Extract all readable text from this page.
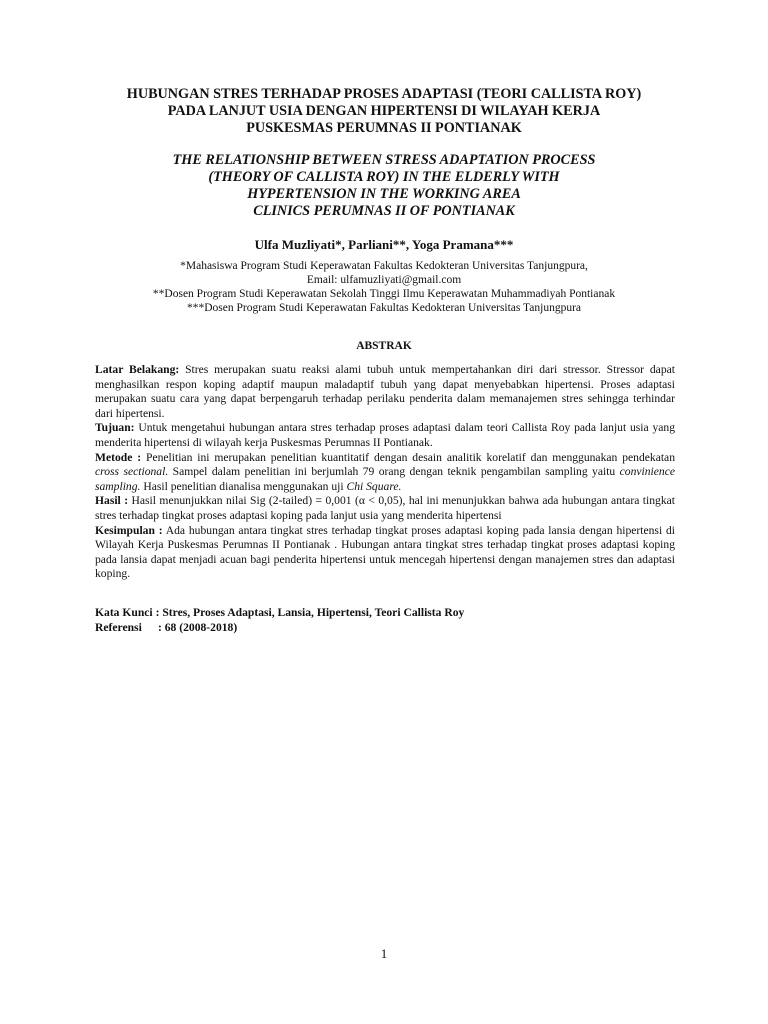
HUBUNGAN STRES TERHADAP PROSES ADAPTASI (TEORI CALLISTA ROY)
PADA LANJUT USIA DENGAN HIPERTENSI DI WILAYAH KERJA
PUSKESMAS PERUMNAS II PONTIANAK
THE RELATIONSHIP BETWEEN STRESS ADAPTATION PROCESS
(THEORY OF CALLISTA ROY) IN THE ELDERLY WITH
HYPERTENSION IN THE WORKING AREA
CLINICS PERUMNAS II OF PONTIANAK
Ulfa Muzliyati*, Parliani**, Yoga Pramana***
*Mahasiswa Program Studi Keperawatan Fakultas Kedokteran Universitas Tanjungpura,
Email: ulfamuzliyati@gmail.com
**Dosen Program Studi Keperawatan Sekolah Tinggi Ilmu Keperawatan Muhammadiyah Pontianak
***Dosen Program Studi Keperawatan Fakultas Kedokteran Universitas Tanjungpura
ABSTRAK

Latar Belakang: Stres merupakan suatu reaksi alami tubuh untuk mempertahankan diri dari stressor. Stressor dapat menghasilkan respon koping adaptif maupun maladaptif tubuh yang dapat menyebabkan hipertensi. Proses adaptasi merupakan suatu cara yang dapat berpengaruh terhadap perilaku penderita dalam memanajemen stres sehingga terhindar dari hipertensi.

Tujuan: Untuk mengetahui hubungan antara stres terhadap proses adaptasi dalam teori Callista Roy pada lanjut usia yang menderita hipertensi di wilayah kerja Puskesmas Perumnas II Pontianak.

Metode : Penelitian ini merupakan penelitian kuantitatif dengan desain analitik korelatif dan menggunakan pendekatan cross sectional. Sampel dalam penelitian ini berjumlah 79 orang dengan teknik pengambilan sampling yaitu convinience sampling. Hasil penelitian dianalisa menggunakan uji Chi Square.

Hasil : Hasil menunjukkan nilai Sig (2-tailed) = 0,001 (α < 0,05), hal ini menunjukkan bahwa ada hubungan antara tingkat stres terhadap tingkat proses adaptasi koping pada lanjut usia yang menderita hipertensi

Kesimpulan : Ada hubungan antara tingkat stres terhadap tingkat proses adaptasi koping pada lansia dengan hipertensi di Wilayah Kerja Puskesmas Perumnas II Pontianak . Hubungan antara tingkat stres terhadap tingkat proses adaptasi koping pada lansia dapat menjadi acuan bagi penderita hipertensi untuk mencegah hipertensi dengan manajemen stres dan adaptasi koping.

Kata Kunci : Stres, Proses Adaptasi, Lansia, Hipertensi, Teori Callista Roy
Referensi : 68 (2008-2018)
1
